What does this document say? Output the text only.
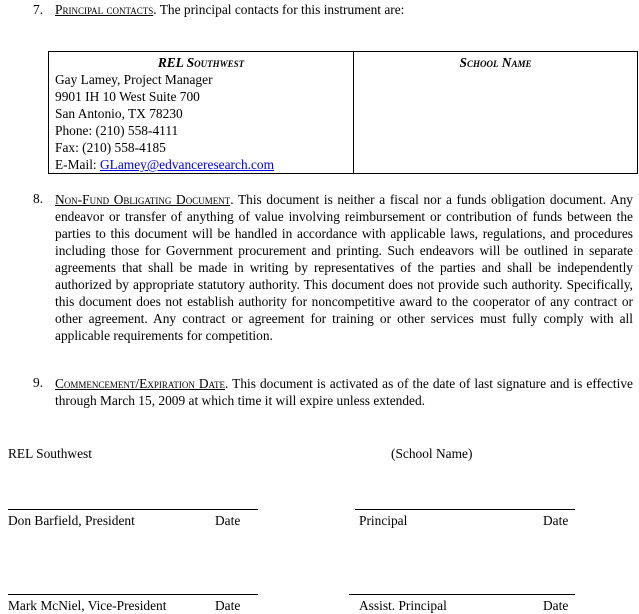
7. Principal contacts. The principal contacts for this instrument are:
REL Southwest
Gay Lamey, Project Manager
9901 IH 10 West Suite 700
San Antonio, TX 78230
Phone: (210) 558-4111
Fax: (210) 558-4185
E-Mail: GLamey@edvanceresearch.com

School Name
8. Non-Fund Obligating Document. This document is neither a fiscal nor a funds obligation document. Any endeavor or transfer of anything of value involving reimbursement or contribution of funds between the parties to this document will be handled in accordance with applicable laws, regulations, and procedures including those for Government procurement and printing. Such endeavors will be outlined in separate agreements that shall be made in writing by representatives of the parties and shall be independently authorized by appropriate statutory authority. This document does not provide such authority. Specifically, this document does not establish authority for noncompetitive award to the cooperator of any contract or other agreement. Any contract or agreement for training or other services must fully comply with all applicable requirements for competition.
9. Commencement/Expiration Date. This document is activated as of the date of last signature and is effective through March 15, 2009 at which time it will expire unless extended.
REL Southwest	(School Name)
Don Barfield, President	Date	Principal	Date
Mark McNiel, Vice-President	Date	Assist. Principal	Date
